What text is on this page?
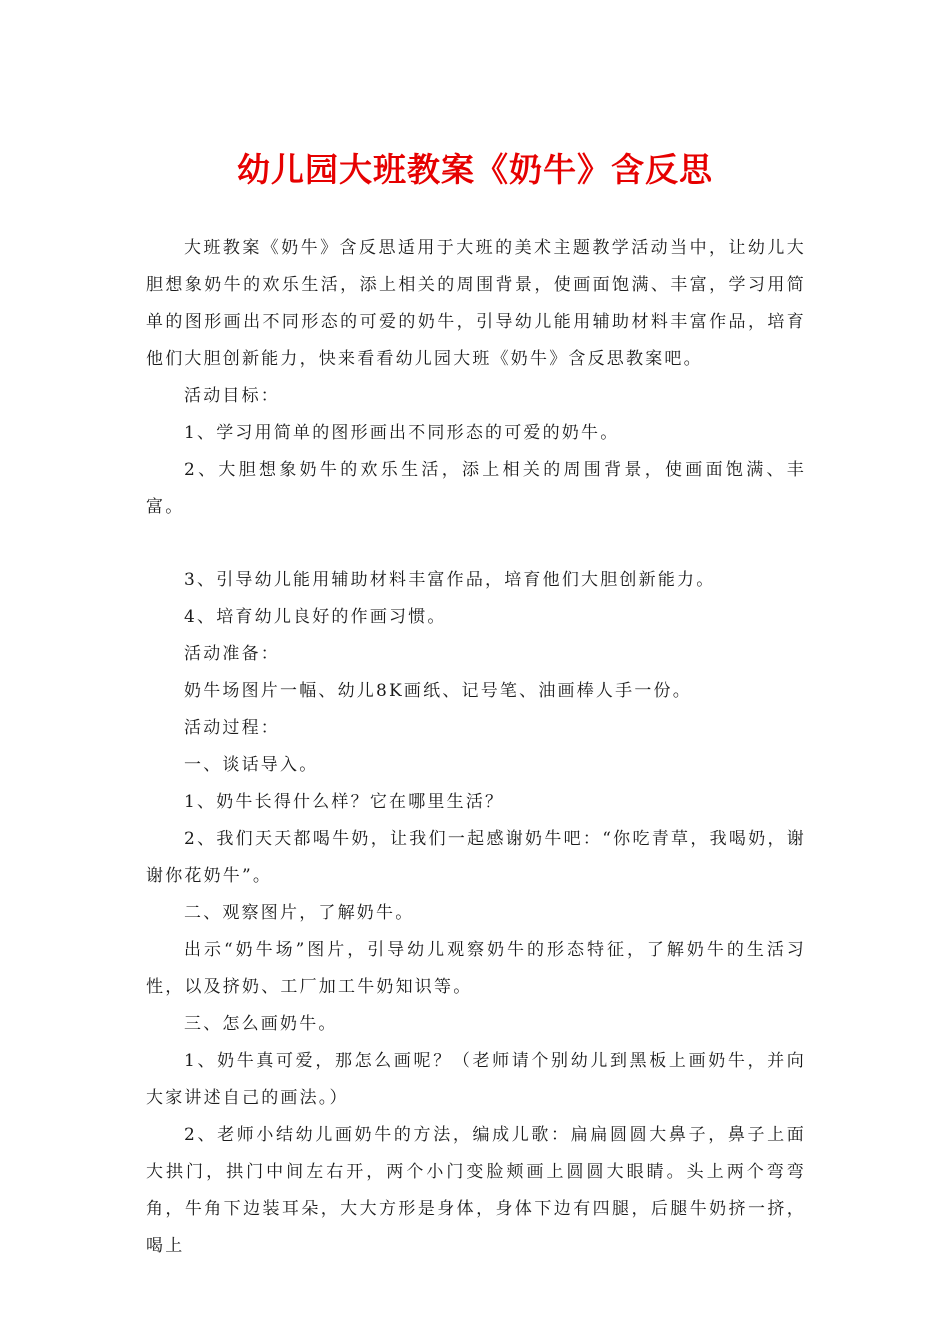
幼儿园大班教案《奶牛》含反思

大班教案《奶牛》含反思适用于大班的美术主题教学活动当中，让幼儿大胆想象奶牛的欢乐生活，添上相关的周围背景，使画面饱满、丰富，学习用简单的图形画出不同形态的可爱的奶牛，引导幼儿能用辅助材料丰富作品，培育他们大胆创新能力，快来看看幼儿园大班《奶牛》含反思教案吧。

活动目标：

1、学习用简单的图形画出不同形态的可爱的奶牛。

2、大胆想象奶牛的欢乐生活，添上相关的周围背景，使画面饱满、丰富。

3、引导幼儿能用辅助材料丰富作品，培育他们大胆创新能力。

4、培育幼儿良好的作画习惯。

活动准备：

奶牛场图片一幅、幼儿8K画纸、记号笔、油画棒人手一份。

活动过程：

一、谈话导入。

1、奶牛长得什么样？它在哪里生活？

2、我们天天都喝牛奶，让我们一起感谢奶牛吧：“你吃青草，我喝奶，谢谢你花奶牛”。

二、观察图片，了解奶牛。

出示“奶牛场”图片，引导幼儿观察奶牛的形态特征，了解奶牛的生活习性，以及挤奶、工厂加工牛奶知识等。

三、怎么画奶牛。

1、奶牛真可爱，那怎么画呢？（老师请个别幼儿到黑板上画奶牛，并向大家讲述自己的画法。）

2、老师小结幼儿画奶牛的方法，编成儿歌：扁扁圆圆大鼻子，鼻子上面大拱门，拱门中间左右开，两个小门变脸颊画上圆圆大眼睛。头上两个弯弯角，牛角下边装耳朵，大大方形是身体，身体下边有四腿，后腿牛奶挤一挤，喝上
